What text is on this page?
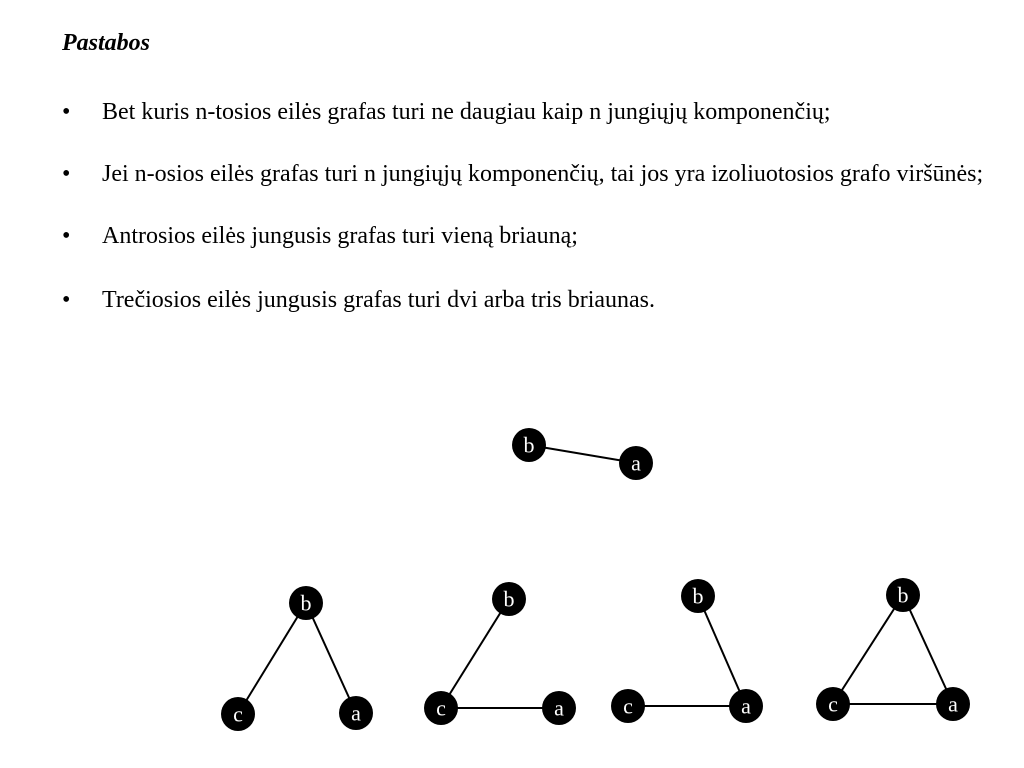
Pastabos
• Bet kuris n-tosios eilės grafas turi ne daugiau kaip n jungiųjų komponenčių;
• Jei n-osios eilės grafas turi n jungiųjų komponenčių, tai jos yra izoliuotosios grafo viršūnės;
• Antrosios eilės jungusis grafas turi vieną briauną;
• Trečiosios eilės jungusis grafas turi dvi arba tris briaunas.
b
a
b
c	a
b
c	a
b
c	a
b
c	a
